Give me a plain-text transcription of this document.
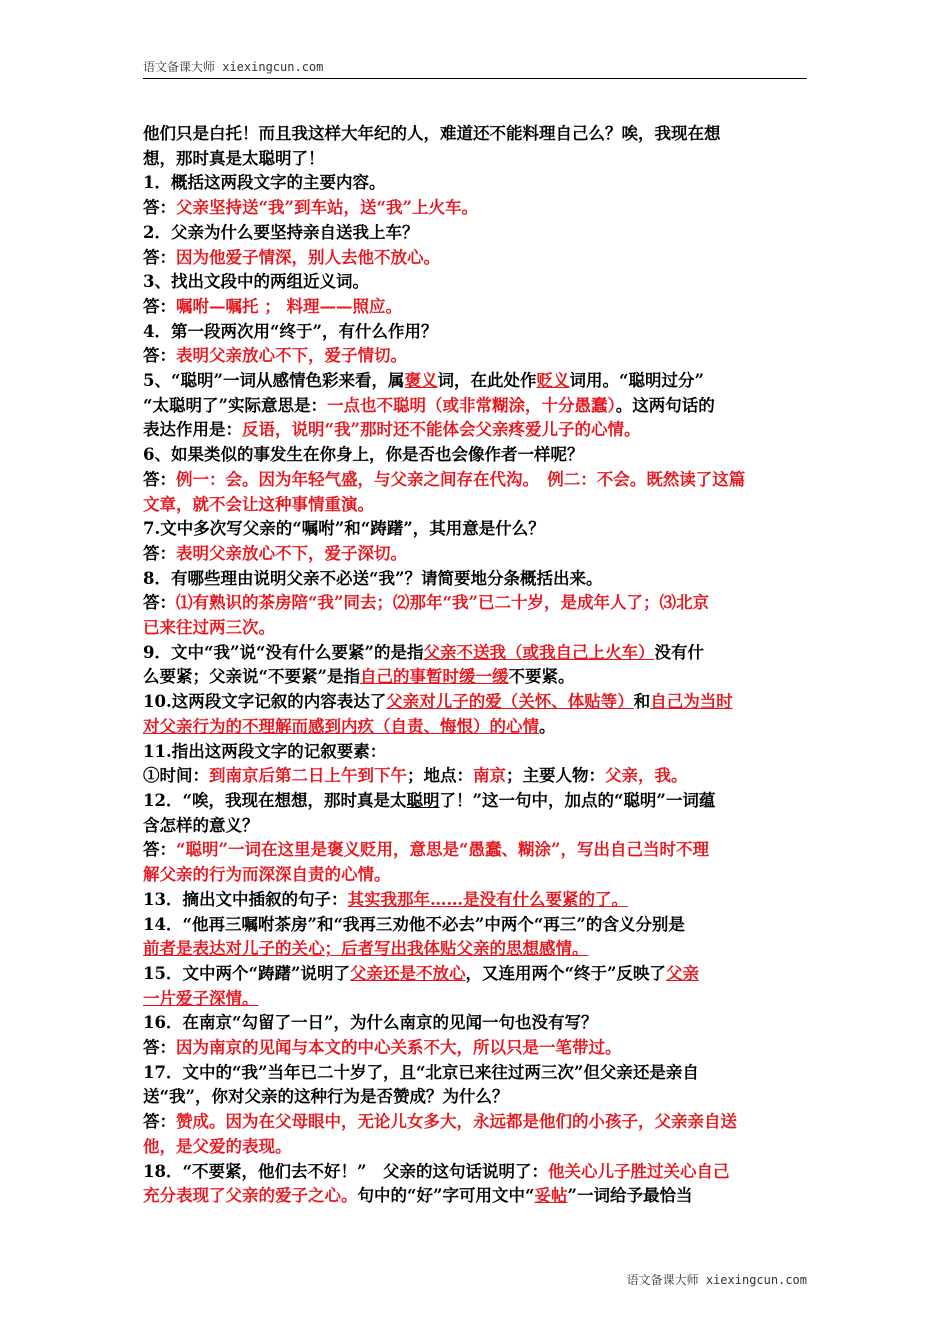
语文备课大师 xiexingcun.com
他们只是白托！而且我这样大年纪的人，难道还不能料理自己么？唉，我现在想
想，那时真是太聪明了！
1．概括这两段文字的主要内容。
答：父亲坚持送“我”到车站，送“我”上火车。
2．父亲为什么要坚持亲自送我上车？
答：因为他爱子情深，别人去他不放心。
3、找出文段中的两组近义词。
答：嘱咐—嘱托 ； 料理——照应。
4．第一段两次用“终于”，有什么作用？
答：表明父亲放心不下，爱子情切。
5、“聪明”一词从感情色彩来看，属褒义词，在此处作贬义词用。“聪明过分”
“太聪明了”实际意思是：一点也不聪明（或非常糊涂，十分愚蠢）。这两句话的
表达作用是：反语，说明“我”那时还不能体会父亲疼爱儿子的心情。
6、如果类似的事发生在你身上，你是否也会像作者一样呢？
答：例一：会。因为年轻气盛，与父亲之间存在代沟。　例二：不会。既然读了这篇
文章，就不会让这种事情重演。
7.文中多次写父亲的“嘱咐”和“踌躇”，其用意是什么？
答：表明父亲放心不下，爱子深切。
8．有哪些理由说明父亲不必送“我”？请简要地分条概括出来。
答：⑴有熟识的茶房陪“我”同去；⑵那年“我”已二十岁，是成年人了；⑶北京
已来往过两三次。
9．文中“我”说“没有什么要紧”的是指父亲不送我（或我自己上火车）没有什
么要紧；父亲说“不要紧”是指自己的事暂时缓一缓不要紧。
10.这两段文字记叙的内容表达了父亲对儿子的爱（关怀、体贴等）和自己为当时
对父亲行为的不理解而感到内疚（自责、悔恨）的心情。
11.指出这两段文字的记叙要素：
①时间：到南京后第二日上午到下午；地点：南京；主要人物：父亲，我。
12．“唉，我现在想想，那时真是太聪明了！”这一句中，加点的“聪明”一词蕴
含怎样的意义？
答：“聪明”一词在这里是褒义贬用，意思是“愚蠢、糊涂”，写出自己当时不理
解父亲的行为而深深自责的心情。
13．摘出文中插叙的句子：其实我那年……是没有什么要紧的了。
14．“他再三嘱咐茶房”和“我再三劝他不必去”中两个“再三”的含义分别是
前者是表达对儿子的关心；后者写出我体贴父亲的思想感情。
15．文中两个“踌躇”说明了父亲还是不放心，又连用两个“终于”反映了父亲
一片爱子深情。
16．在南京“勾留了一日”，为什么南京的见闻一句也没有写？
答：因为南京的见闻与本文的中心关系不大，所以只是一笔带过。
17．文中的“我”当年已二十岁了，且“北京已来往过两三次”但父亲还是亲自
送“我”，你对父亲的这种行为是否赞成？为什么？
答：赞成。因为在父母眼中，无论儿女多大，永远都是他们的小孩子，父亲亲自送
他，是父爱的表现。
18．“不要紧，他们去不好！”　父亲的这句话说明了：他关心儿子胜过关心自己
充分表现了父亲的爱子之心。句中的“好”字可用文中“妥帖”一词给予最恰当
语文备课大师 xiexingcun.com
